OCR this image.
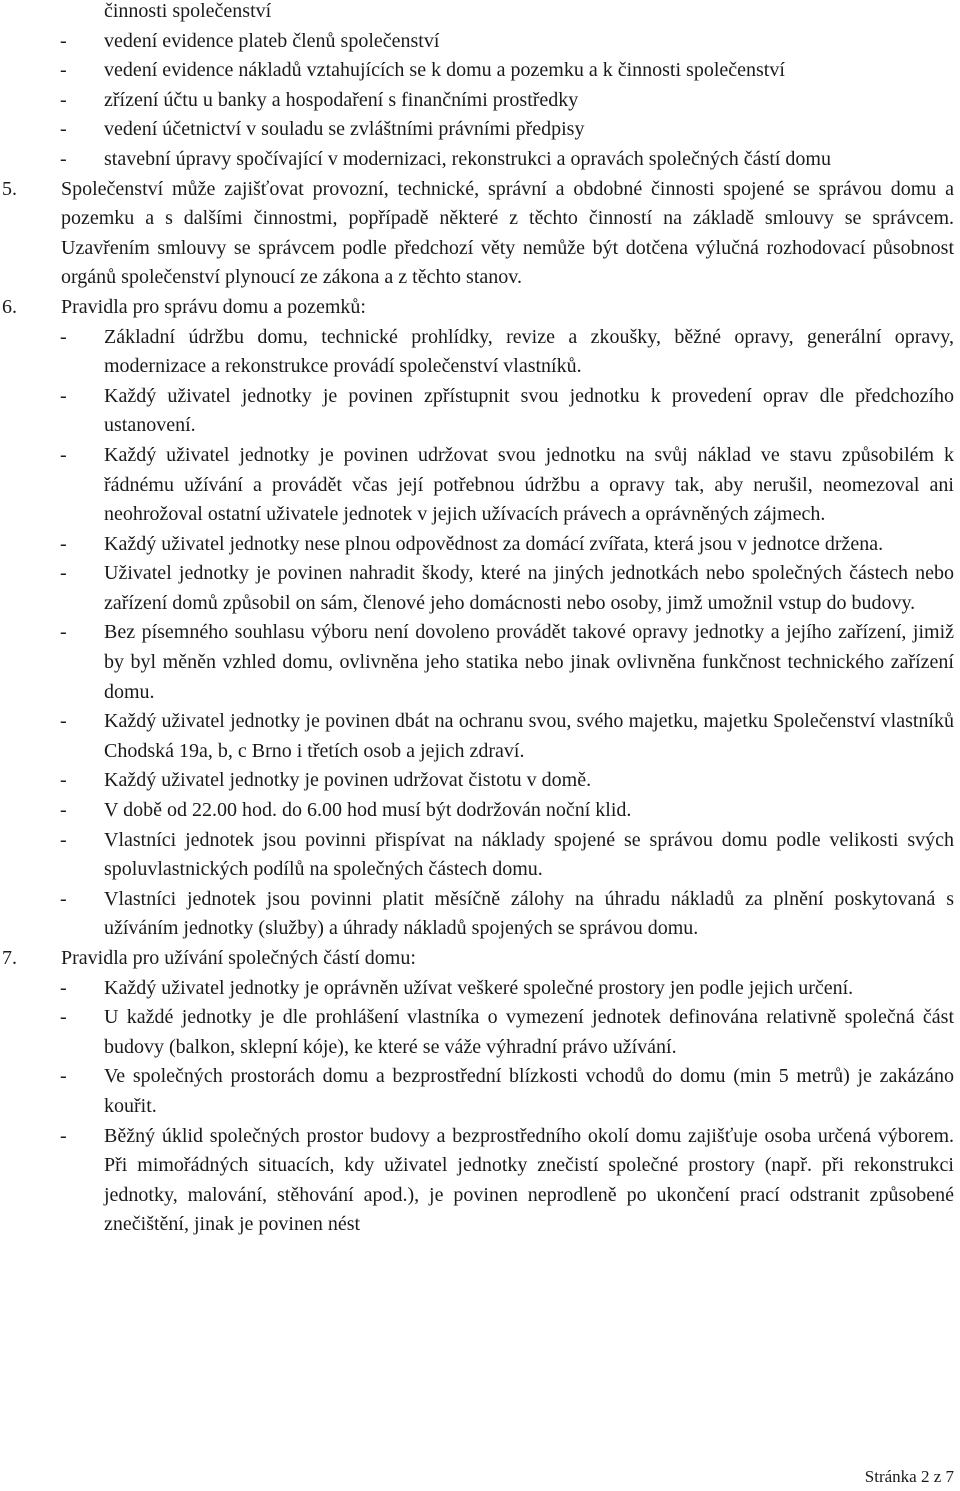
činnosti společenství
-	vedení evidence plateb členů společenství
-	vedení evidence nákladů vztahujících se k domu a pozemku a k činnosti společenství
-	zřízení účtu u banky a hospodaření s finančními prostředky
-	vedení účetnictví v souladu se zvláštními právními předpisy
-	stavební úpravy spočívající v modernizaci, rekonstrukci a opravách společných částí domu
5.	Společenství může zajišťovat provozní, technické, správní a obdobné činnosti spojené se správou domu a pozemku a s dalšími činnostmi, popřípadě některé z těchto činností na základě smlouvy se správcem. Uzavřením smlouvy se správcem podle předchozí věty nemůže být dotčena výlučná rozhodovací působnost orgánů společenství plynoucí ze zákona a z těchto stanov.
6.	Pravidla pro správu domu a pozemků:
-	Základní údržbu domu, technické prohlídky, revize a zkoušky, běžné opravy, generální opravy, modernizace a rekonstrukce provádí společenství vlastníků.
-	Každý uživatel jednotky je povinen zpřístupnit svou jednotku k provedení oprav dle předchozího ustanovení.
-	Každý uživatel jednotky je povinen udržovat svou jednotku na svůj náklad ve stavu způsobilém k řádnému užívání a provádět včas její potřebnou údržbu a opravy tak, aby nerušil, neomezoval ani neohrožoval ostatní uživatele jednotek v jejich užívacích právech a oprávněných zájmech.
-	Každý uživatel jednotky nese plnou odpovědnost za domácí zvířata, která jsou v jednotce držena.
-	Uživatel jednotky je povinen nahradit škody, které na jiných jednotkách nebo společných částech nebo zařízení domů způsobil on sám, členové jeho domácnosti nebo osoby, jimž umožnil vstup do budovy.
-	Bez písemného souhlasu výboru není dovoleno provádět takové opravy jednotky a jejího zařízení, jimiž by byl měněn vzhled domu, ovlivněna jeho statika nebo jinak ovlivněna funkčnost technického zařízení domu.
-	Každý uživatel jednotky je povinen dbát na ochranu svou, svého majetku, majetku Společenství vlastníků Chodská 19a, b, c Brno i třetích osob a jejich zdraví.
-	Každý uživatel jednotky je povinen udržovat čistotu v domě.
-	V době od 22.00 hod. do 6.00 hod musí být dodržován noční klid.
-	Vlastníci jednotek jsou povinni přispívat na náklady spojené se správou domu podle velikosti svých spoluvlastnických podílů na společných částech domu.
-	Vlastníci jednotek jsou povinni platit měsíčně zálohy na úhradu nákladů za plnění poskytovaná s užíváním jednotky (služby) a úhrady nákladů spojených se správou domu.
7.	Pravidla pro užívání společných částí domu:
-	Každý uživatel jednotky je oprávněn užívat veškeré společné prostory jen podle jejich určení.
-	U každé jednotky je dle prohlášení vlastníka o vymezení jednotek definována relativně společná část budovy (balkon, sklepní kóje), ke které se váže výhradní právo užívání.
-	Ve společných prostorách domu a bezprostřední blízkosti vchodů do domu (min 5 metrů) je zakázáno kouřit.
-	Běžný úklid společných prostor budovy a bezprostředního okolí domu zajišťuje osoba určená výborem. Při mimořádných situacích, kdy uživatel jednotky znečistí společné prostory (např. při rekonstrukci jednotky, malování, stěhování apod.), je povinen neprodleně po ukončení prací odstranit způsobené znečištění, jinak je povinen nést
Stránka 2 z 7
